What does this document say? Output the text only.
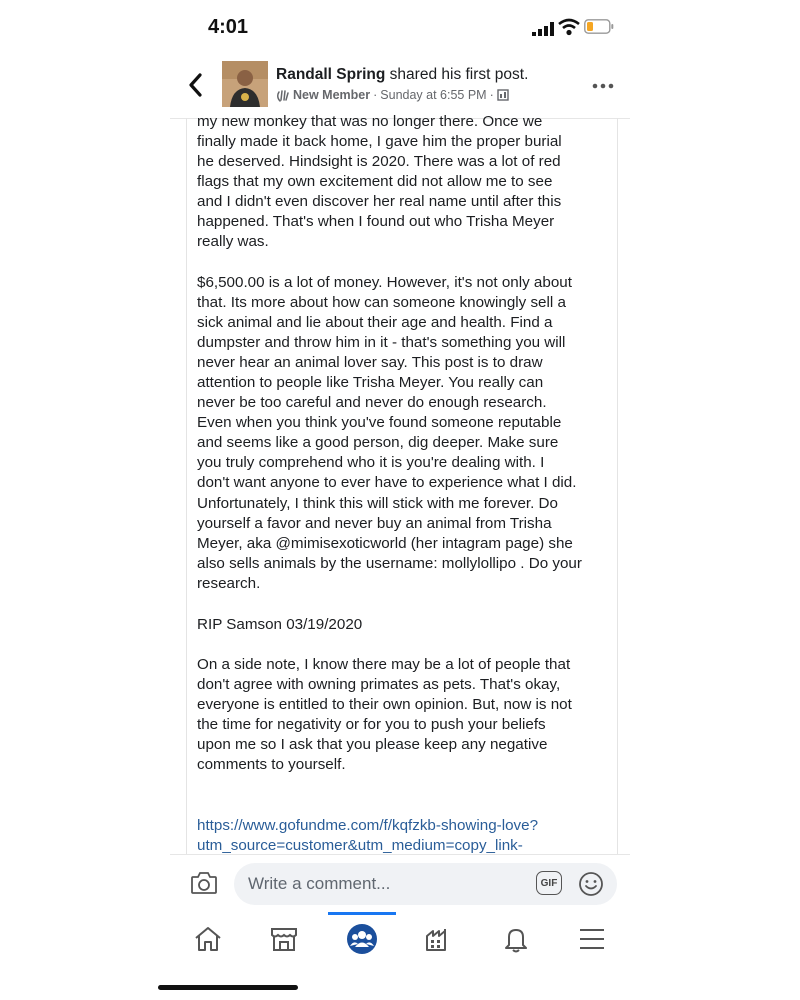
4:01
Randall Spring shared his first post.
New Member · Sunday at 6:55 PM ·
my new monkey that was no longer there. Once we
finally made it back home, I gave him the proper burial
he deserved. Hindsight is 2020. There was a lot of red
flags that my own excitement did not allow me to see
and I didn't even discover her real name until after this
happened. That's when I found out who Trisha Meyer
really was.
$6,500.00 is a lot of money. However, it's not only about
that. Its more about how can someone knowingly sell a
sick animal and lie about their age and health. Find a
dumpster and throw him in it - that's something you will
never hear an animal lover say. This post is to draw
attention to people like Trisha Meyer. You really can
never be too careful and never do enough research.
Even when you think you've found someone reputable
and seems like a good person, dig deeper. Make sure
you truly comprehend who it is you're dealing with. I
don't want anyone to ever have to experience what I did.
Unfortunately, I think this will stick with me forever. Do
yourself a favor and never buy an animal from Trisha
Meyer, aka @mimisexoticworld (her intagram page) she
also sells animals by the username: mollylollipo . Do your
research.
RIP Samson 03/19/2020
On a side note, I know there may be a lot of people that
don't agree with owning primates as pets. That's okay,
everyone is entitled to their own opinion. But, now is not
the time for negativity or for you to push your beliefs
upon me so I ask that you please keep any negative
comments to yourself.

https://www.gofundme.com/f/kqfzkb-showing-love?
utm_source=customer&utm_medium=copy_link-

Write a comment...
GIF
